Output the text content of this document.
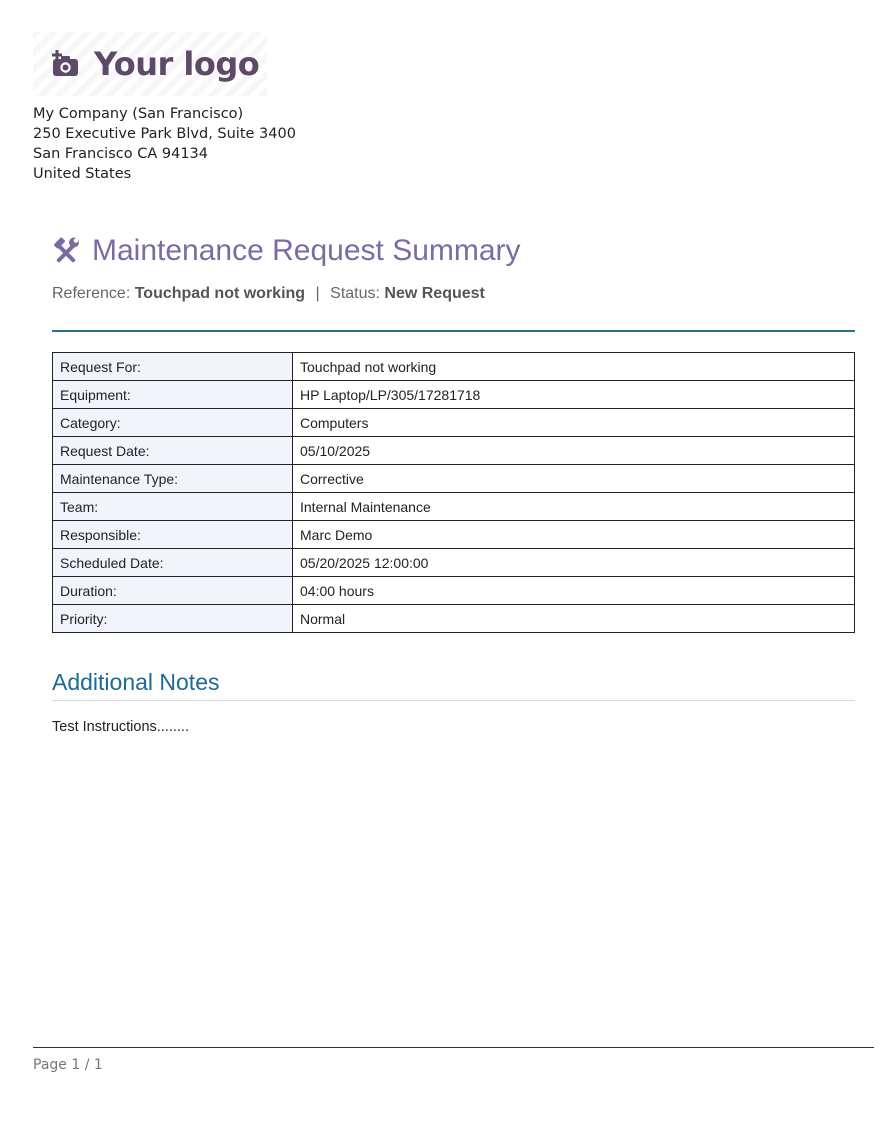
Your logo
My Company (San Francisco)
250 Executive Park Blvd, Suite 3400
San Francisco CA 94134
United States
Maintenance Request Summary
Reference: Touchpad not working | Status: New Request
Request For:	Touchpad not working
Equipment:	HP Laptop/LP/305/17281718
Category:	Computers
Request Date:	05/10/2025
Maintenance Type:	Corrective
Team:	Internal Maintenance
Responsible:	Marc Demo
Scheduled Date:	05/20/2025 12:00:00
Duration:	04:00 hours
Priority:	Normal
Additional Notes
Test Instructions........
Page 1 / 1
